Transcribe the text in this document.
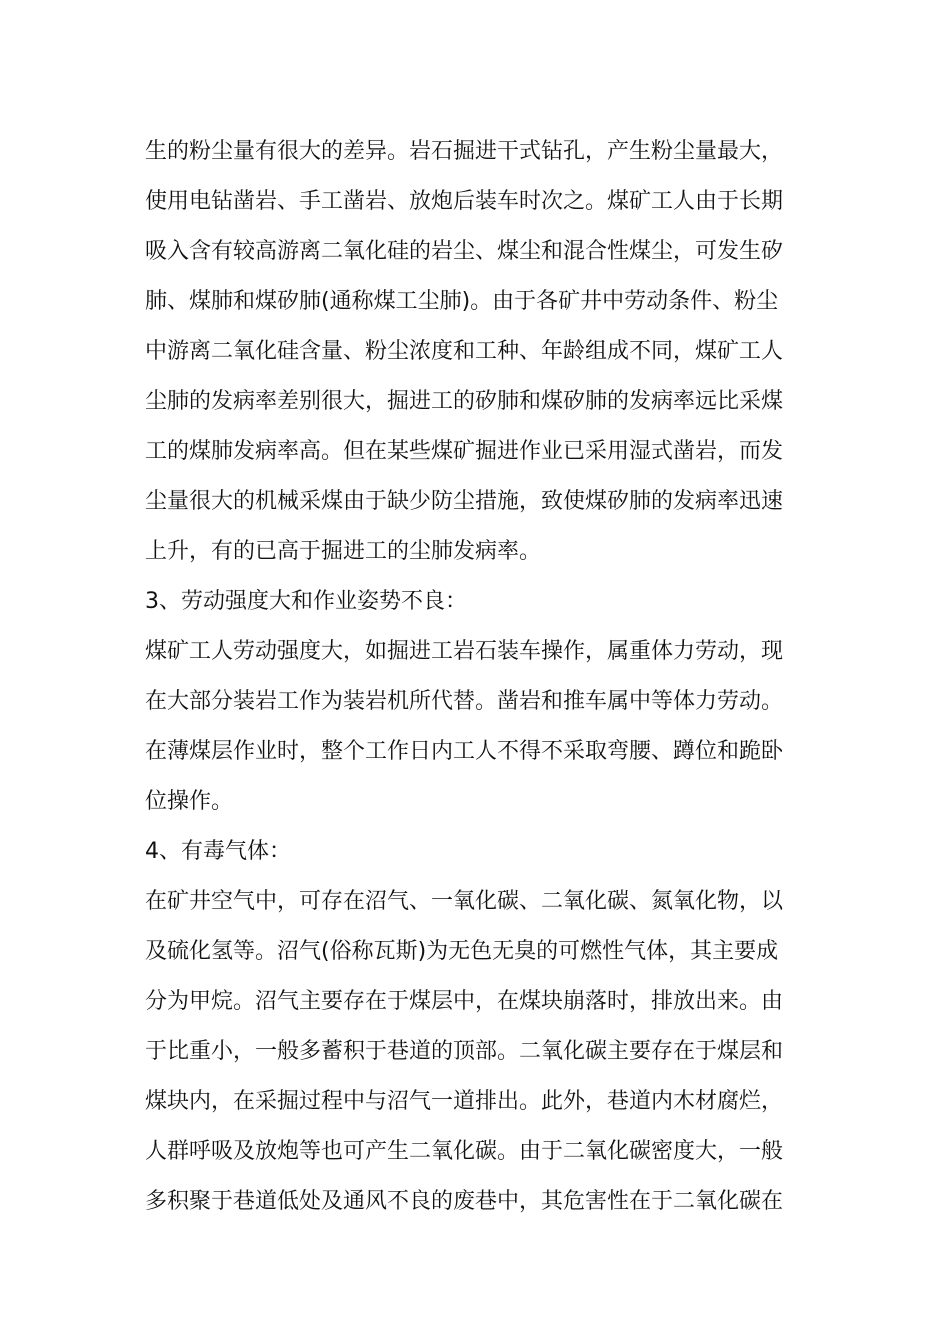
生的粉尘量有很大的差异。岩石掘进干式钻孔，产生粉尘量最大，
使用电钻凿岩、手工凿岩、放炮后装车时次之。煤矿工人由于长期
吸入含有较高游离二氧化硅的岩尘、煤尘和混合性煤尘，可发生矽
肺、煤肺和煤矽肺(通称煤工尘肺)。由于各矿井中劳动条件、粉尘
中游离二氧化硅含量、粉尘浓度和工种、年龄组成不同，煤矿工人
尘肺的发病率差别很大，掘进工的矽肺和煤矽肺的发病率远比采煤
工的煤肺发病率高。但在某些煤矿掘进作业已采用湿式凿岩，而发
尘量很大的机械采煤由于缺少防尘措施，致使煤矽肺的发病率迅速
上升，有的已高于掘进工的尘肺发病率。
3、劳动强度大和作业姿势不良：
煤矿工人劳动强度大，如掘进工岩石装车操作，属重体力劳动，现
在大部分装岩工作为装岩机所代替。凿岩和推车属中等体力劳动。
在薄煤层作业时，整个工作日内工人不得不采取弯腰、蹲位和跪卧
位操作。
4、有毒气体：
在矿井空气中，可存在沼气、一氧化碳、二氧化碳、氮氧化物，以
及硫化氢等。沼气(俗称瓦斯)为无色无臭的可燃性气体，其主要成
分为甲烷。沼气主要存在于煤层中，在煤块崩落时，排放出来。由
于比重小，一般多蓄积于巷道的顶部。二氧化碳主要存在于煤层和
煤块内，在采掘过程中与沼气一道排出。此外，巷道内木材腐烂，
人群呼吸及放炮等也可产生二氧化碳。由于二氧化碳密度大，一般
多积聚于巷道低处及通风不良的废巷中，其危害性在于二氧化碳在
